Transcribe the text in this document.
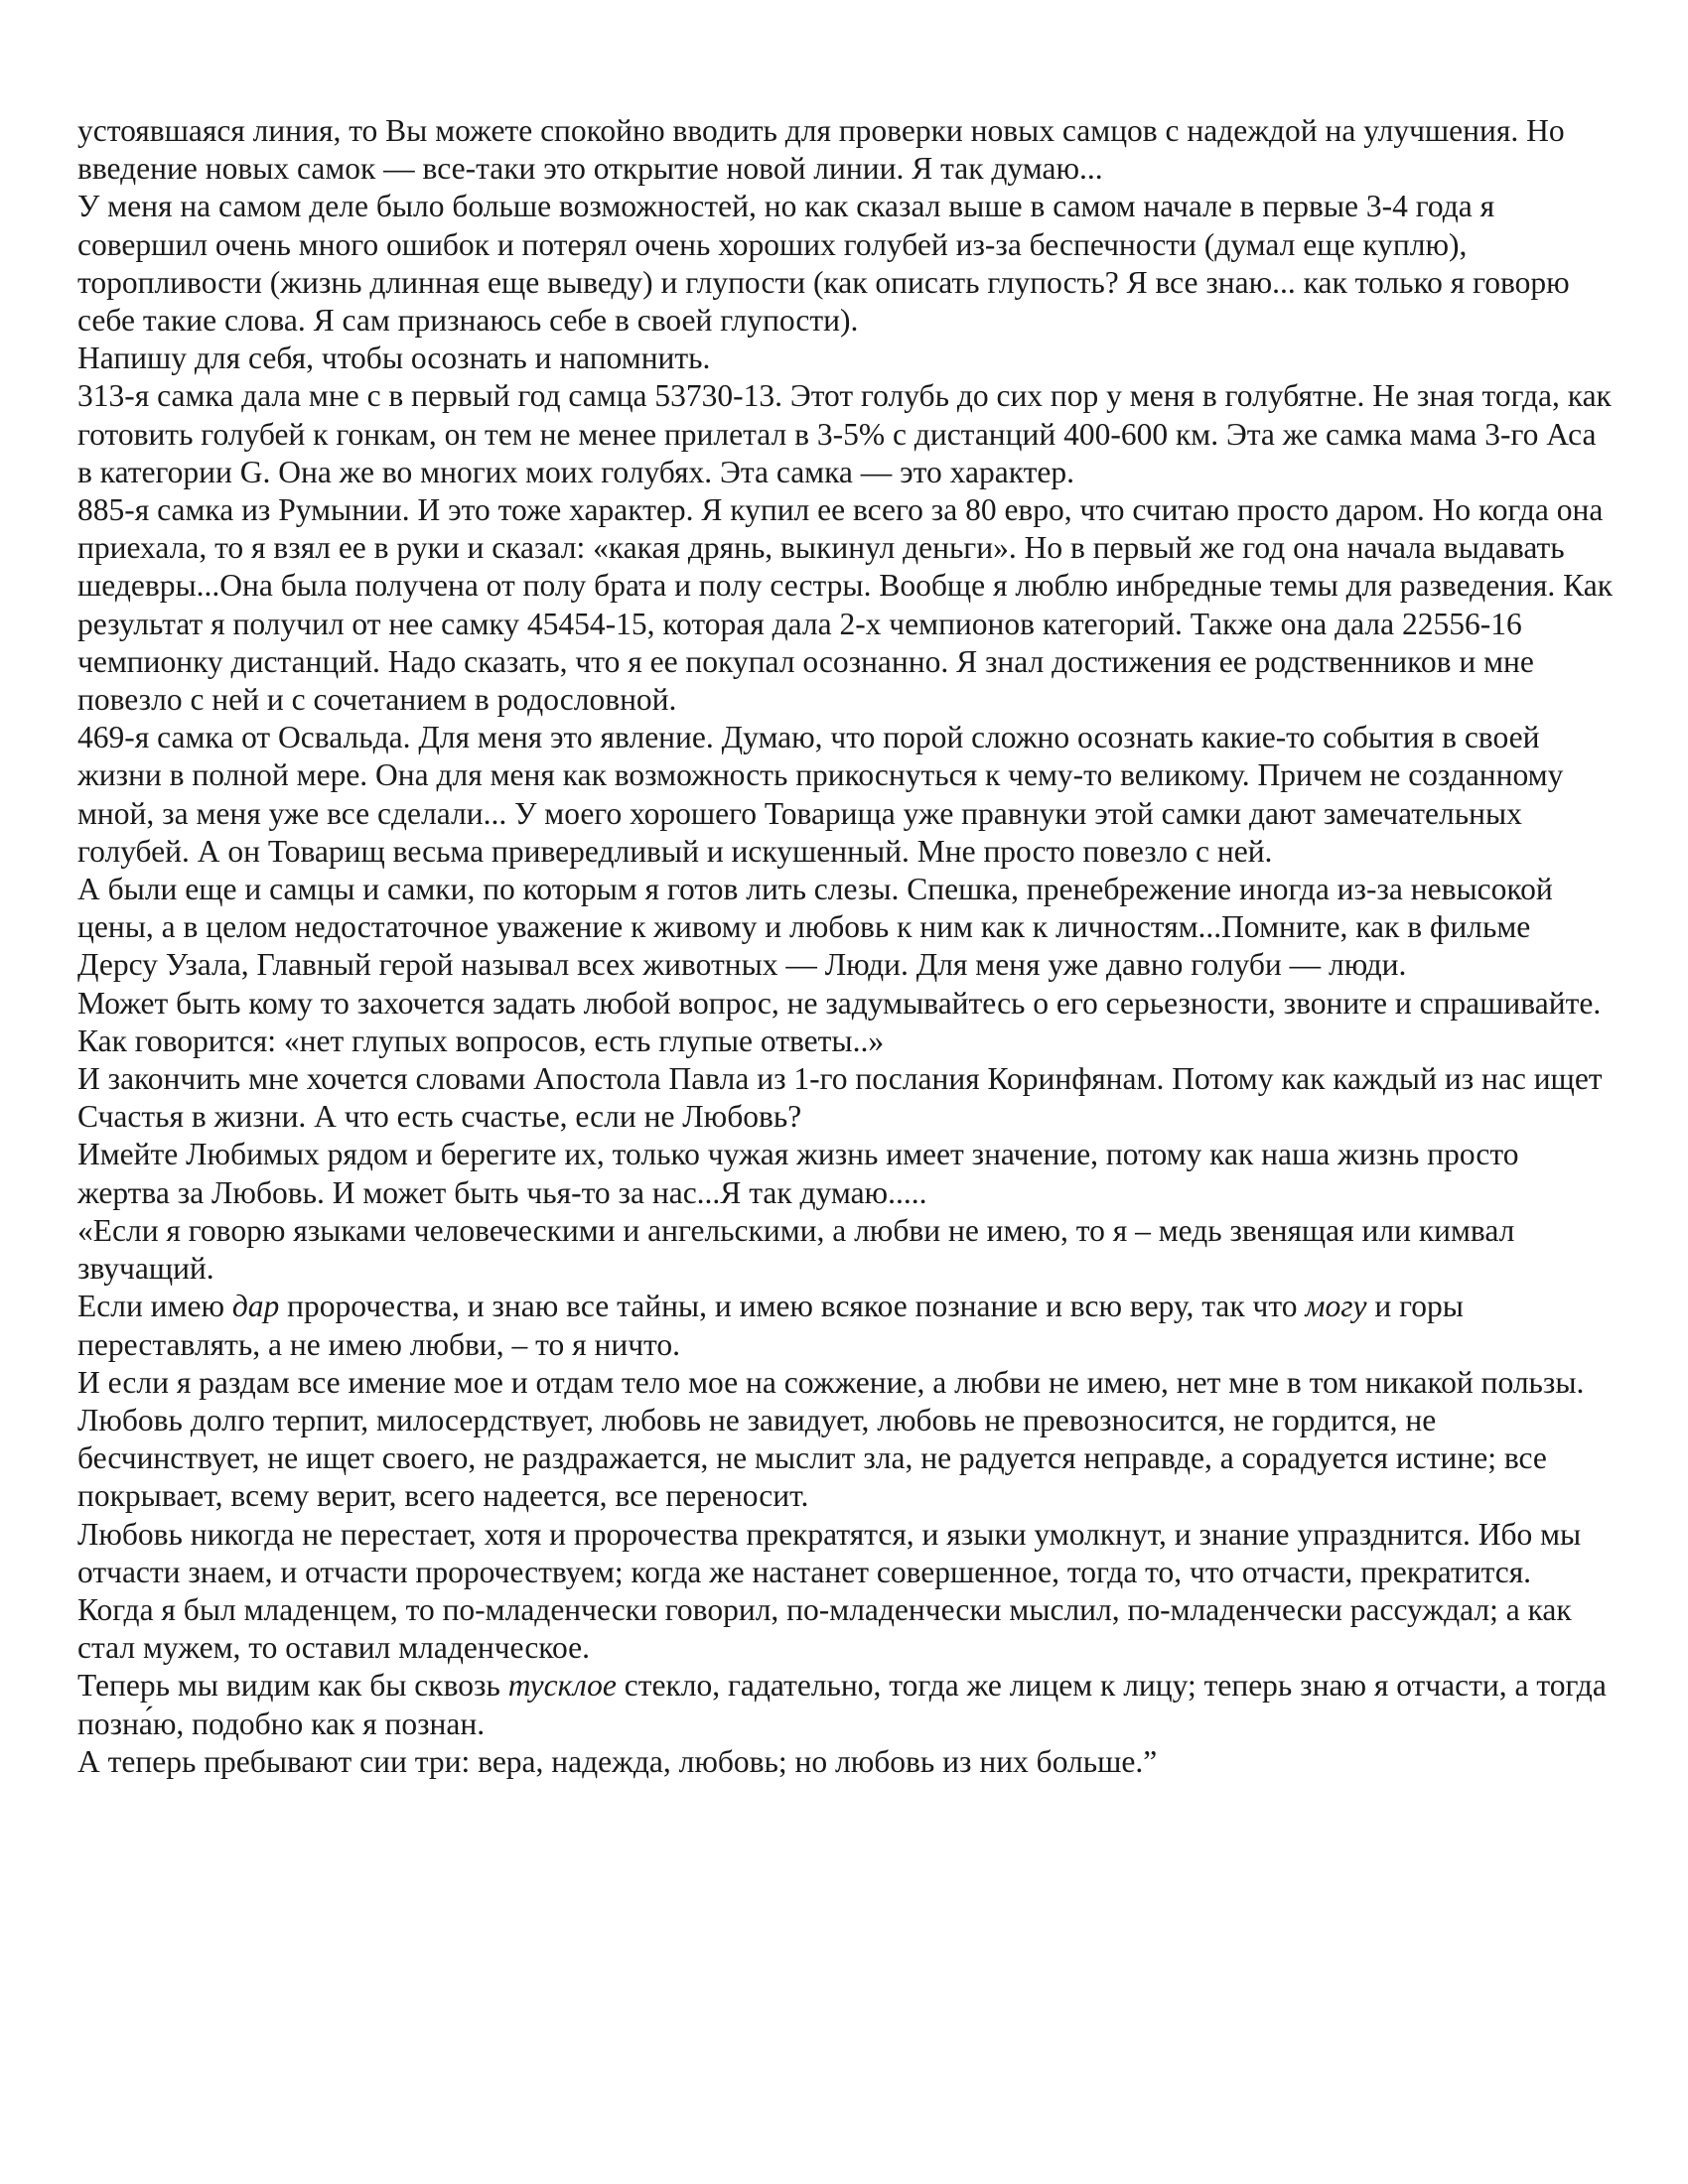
устоявшаяся линия, то Вы можете спокойно вводить для проверки новых самцов с надеждой на улучшения. Но введение новых самок — все-таки это открытие новой линии. Я так думаю...

У меня на самом деле было больше возможностей, но как сказал выше в самом начале в первые 3-4 года я совершил очень много ошибок и потерял очень хороших голубей из-за беспечности (думал еще куплю), торопливости (жизнь длинная еще выведу) и глупости (как описать глупость? Я все знаю... как только я говорю себе такие слова. Я сам признаюсь себе в своей глупости).

Напишу для себя, чтобы осознать и напомнить.

313-я самка дала мне с в первый год самца 53730-13. Этот голубь до сих пор у меня в голубятне. Не зная тогда, как готовить голубей к гонкам, он тем не менее прилетал в 3-5% с дистанций 400-600 км. Эта же самка мама 3-го Аса в категории G. Она же во многих моих голубях. Эта самка — это характер.

885-я самка из Румынии. И это тоже характер. Я купил ее всего за 80 евро, что считаю просто даром. Но когда она приехала, то я взял ее в руки и сказал: «какая дрянь, выкинул деньги». Но в первый же год она начала выдавать шедевры...Она была получена от полу брата и полу сестры. Вообще я люблю инбредные темы для разведения. Как результат я получил от нее самку 45454-15, которая дала 2-х чемпионов категорий. Также она дала 22556-16 чемпионку дистанций. Надо сказать, что я ее покупал осознанно. Я знал достижения ее родственников и мне повезло с ней и с сочетанием в родословной.

469-я самка от Освальда. Для меня это явление. Думаю, что порой сложно осознать какие-то события в своей жизни в полной мере. Она для меня как возможность прикоснуться к чему-то великому. Причем не созданному мной, за меня уже все сделали... У моего хорошего Товарища уже правнуки этой самки дают замечательных голубей. А он Товарищ весьма привередливый и искушенный. Мне просто повезло с ней.

А были еще и самцы и самки, по которым я готов лить слезы. Спешка, пренебрежение иногда из-за невысокой цены, а в целом недостаточное уважение к живому и любовь к ним как к личностям...Помните, как в фильме Дерсу Узала, Главный герой называл всех животных — Люди. Для меня уже давно голуби — люди.

Может быть кому то захочется задать любой вопрос, не задумывайтесь о его серьезности, звоните и спрашивайте. Как говорится: «нет глупых вопросов, есть глупые ответы..»

И закончить мне хочется словами Апостола Павла из 1-го послания Коринфянам. Потому как каждый из нас ищет Счастья в жизни. А что есть счастье, если не Любовь?

Имейте Любимых рядом и берегите их, только чужая жизнь имеет значение, потому как наша жизнь просто жертва за Любовь. И может быть чья-то за нас...Я так думаю.....

«Если я говорю языками человеческими и ангельскими, а любви не имею, то я – медь звенящая или кимвал звучащий.

Если имею дар пророчества, и знаю все тайны, и имею всякое познание и всю веру, так что могу и горы переставлять, а не имею любви, – то я ничто.

И если я раздам все имение мое и отдам тело мое на сожжение, а любви не имею, нет мне в том никакой пользы.

Любовь долго терпит, милосердствует, любовь не завидует, любовь не превозносится, не гордится, не бесчинствует, не ищет своего, не раздражается, не мыслит зла, не радуется неправде, а сорадуется истине; все покрывает, всему верит, всего надеется, все переносит.

Любовь никогда не перестает, хотя и пророчества прекратятся, и языки умолкнут, и знание упразднится. Ибо мы отчасти знаем, и отчасти пророчествуем; когда же настанет совершенное, тогда то, что отчасти, прекратится.

Когда я был младенцем, то по-младенчески говорил, по-младенчески мыслил, по-младенчески рассуждал; а как стал мужем, то оставил младенческое.

Теперь мы видим как бы сквозь тусклое стекло, гадательно, тогда же лицем к лицу; теперь знаю я отчасти, а тогда позна́ю, подобно как я познан.

А теперь пребывают сии три: вера, надежда, любовь; но любовь из них больше.”
